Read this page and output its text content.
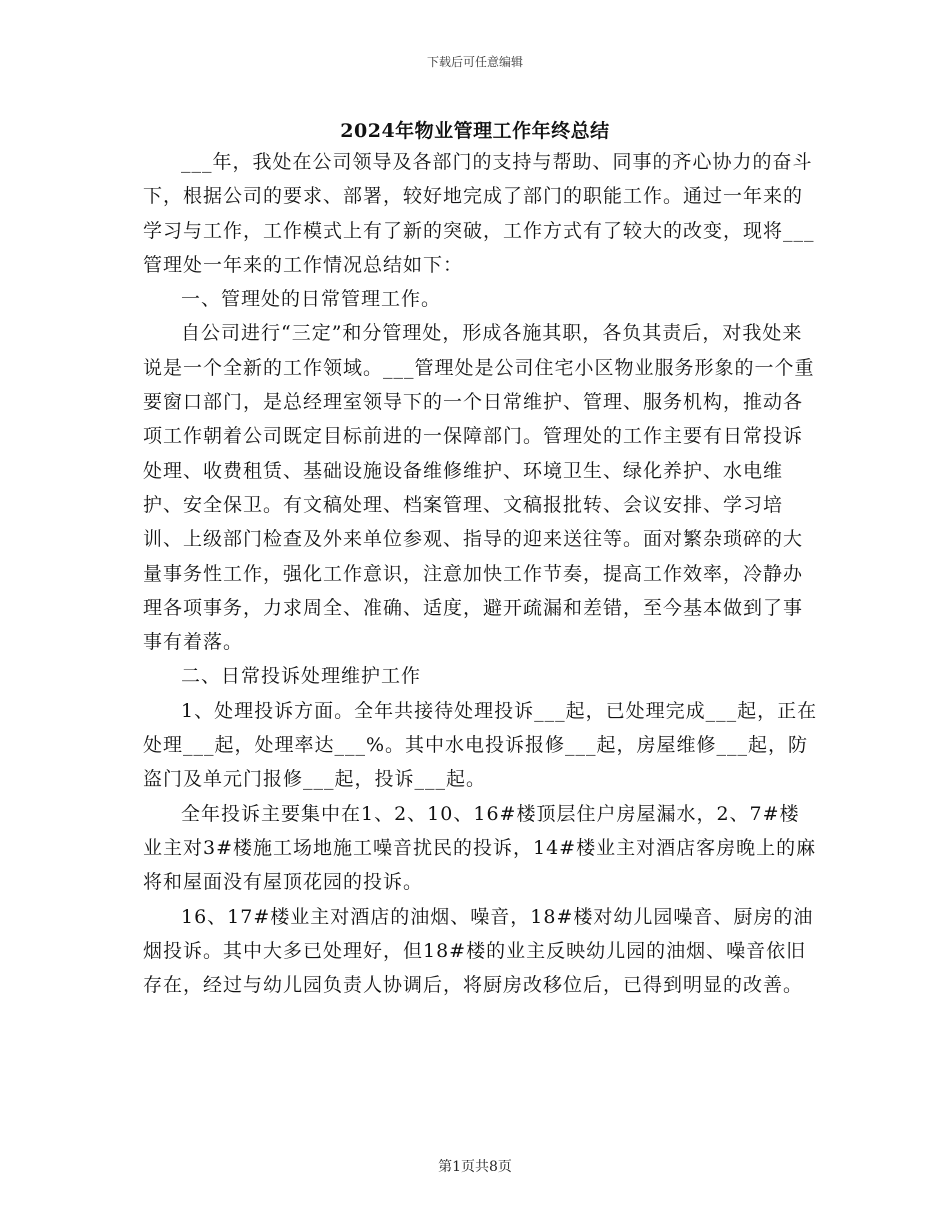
下载后可任意编辑
2024年物业管理工作年终总结

___年，我处在公司领导及各部门的支持与帮助、同事的齐心协力的奋斗下，根据公司的要求、部署，较好地完成了部门的职能工作。通过一年来的学习与工作，工作模式上有了新的突破，工作方式有了较大的改变，现将___管理处一年来的工作情况总结如下：

一、管理处的日常管理工作。

自公司进行“三定”和分管理处，形成各施其职，各负其责后，对我处来说是一个全新的工作领域。___管理处是公司住宅小区物业服务形象的一个重要窗口部门，是总经理室领导下的一个日常维护、管理、服务机构，推动各项工作朝着公司既定目标前进的一保障部门。管理处的工作主要有日常投诉处理、收费租赁、基础设施设备维修维护、环境卫生、绿化养护、水电维护、安全保卫。有文稿处理、档案管理、文稿报批转、会议安排、学习培训、上级部门检查及外来单位参观、指导的迎来送往等。面对繁杂琐碎的大量事务性工作，强化工作意识，注意加快工作节奏，提高工作效率，冷静办理各项事务，力求周全、准确、适度，避开疏漏和差错，至今基本做到了事事有着落。

二、日常投诉处理维护工作

1、处理投诉方面。全年共接待处理投诉___起，已处理完成___起，正在处理___起，处理率达___%。其中水电投诉报修___起，房屋维修___起，防盗门及单元门报修___起，投诉___起。

全年投诉主要集中在1、2、10、16#楼顶层住户房屋漏水，2、7#楼业主对3#楼施工场地施工噪音扰民的投诉，14#楼业主对酒店客房晚上的麻将和屋面没有屋顶花园的投诉。

16、17#楼业主对酒店的油烟、噪音，18#楼对幼儿园噪音、厨房的油烟投诉。其中大多已处理好，但18#楼的业主反映幼儿园的油烟、噪音依旧存在，经过与幼儿园负责人协调后，将厨房改移位后，已得到明显的改善。

第1页共8页
